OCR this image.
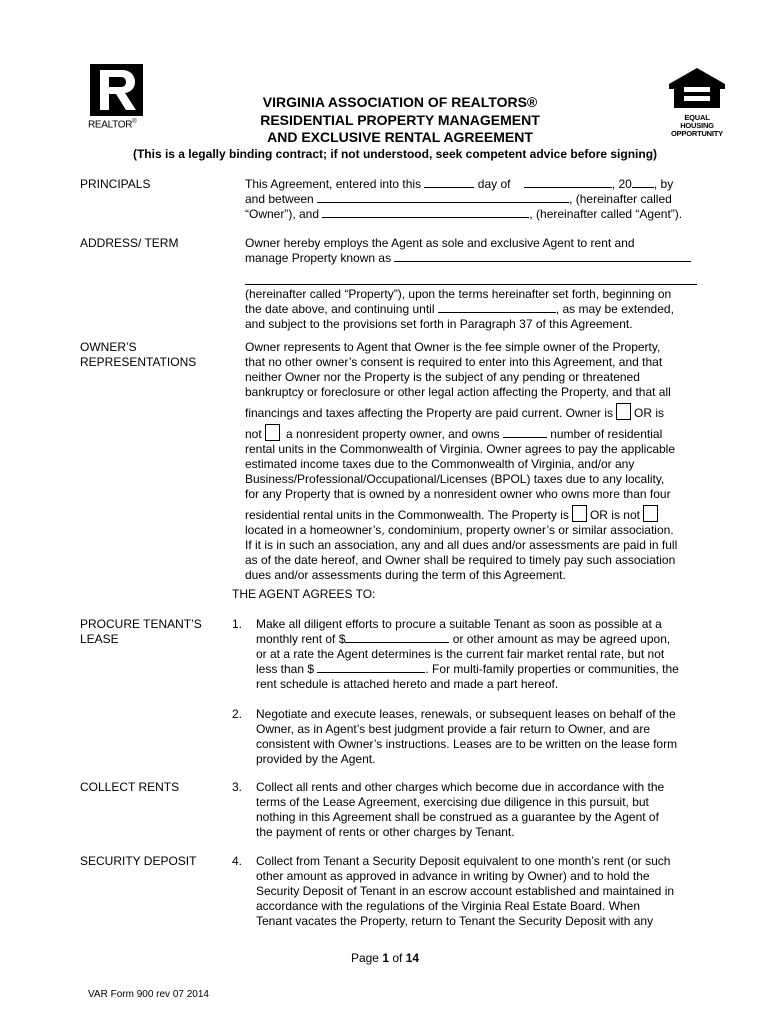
REALTOR®	EQUAL HOUSING
OPPORTUNITY
VIRGINIA ASSOCIATION OF REALTORS®
RESIDENTIAL PROPERTY MANAGEMENT
AND EXCLUSIVE RENTAL AGREEMENT
(This is a legally binding contract; if not understood, seek competent advice before signing)
PRINCIPALS	This Agreement, entered into this	day of	, 20 , by
and between	, (hereinafter called
“Owner”), and	, (hereinafter called “Agent”).
ADDRESS/ TERM	Owner hereby employs the Agent as sole and exclusive Agent to rent and
manage Property known as
(hereinafter called “Property”), upon the terms hereinafter set forth, beginning on
the date above, and continuing until	, as may be extended,
and subject to the provisions set forth in Paragraph 37 of this Agreement.
OWNER’S
REPRESENTATIONS
Owner represents to Agent that Owner is the fee simple owner of the Property,
that no other owner’s consent is required to enter into this Agreement, and that
neither Owner nor the Property is the subject of any pending or threatened
bankruptcy or foreclosure or other legal action affecting the Property, and that all
financings and taxes affecting the Property are paid current. Owner is OR is
not a nonresident property owner, and owns	number of residential
rental units in the Commonwealth of Virginia. Owner agrees to pay the applicable
estimated income taxes due to the Commonwealth of Virginia, and/or any
Business/Professional/Occupational/Licenses (BPOL) taxes due to any locality,
for any Property that is owned by a nonresident owner who owns more than four
residential rental units in the Commonwealth. The Property is OR is not
located in a homeowner’s, condominium, property owner’s or similar association.
If it is in such an association, any and all dues and/or assessments are paid in full
as of the date hereof, and Owner shall be required to timely pay such association
dues and/or assessments during the term of this Agreement.
THE AGENT AGREES TO:
PROCURE TENANT’S
LEASE
1. Make all diligent efforts to procure a suitable Tenant as soon as possible at a
monthly rent of $	or other amount as may be agreed upon,
or at a rate the Agent determines is the current fair market rental rate, but not
less than $	. For multi-family properties or communities, the
rent schedule is attached hereto and made a part hereof.
2. Negotiate and execute leases, renewals, or subsequent leases on behalf of the
Owner, as in Agent’s best judgment provide a fair return to Owner, and are
consistent with Owner’s instructions. Leases are to be written on the lease form
provided by the Agent.
COLLECT RENTS	3. Collect all rents and other charges which become due in accordance with the
terms of the Lease Agreement, exercising due diligence in this pursuit, but
nothing in this Agreement shall be construed as a guarantee by the Agent of
the payment of rents or other charges by Tenant.
SECURITY DEPOSIT	4. Collect from Tenant a Security Deposit equivalent to one month’s rent (or such
other amount as approved in advance in writing by Owner) and to hold the
Security Deposit of Tenant in an escrow account established and maintained in
accordance with the regulations of the Virginia Real Estate Board. When
Tenant vacates the Property, return to Tenant the Security Deposit with any
Page 1 of 14
VAR Form 900 rev 07 2014
